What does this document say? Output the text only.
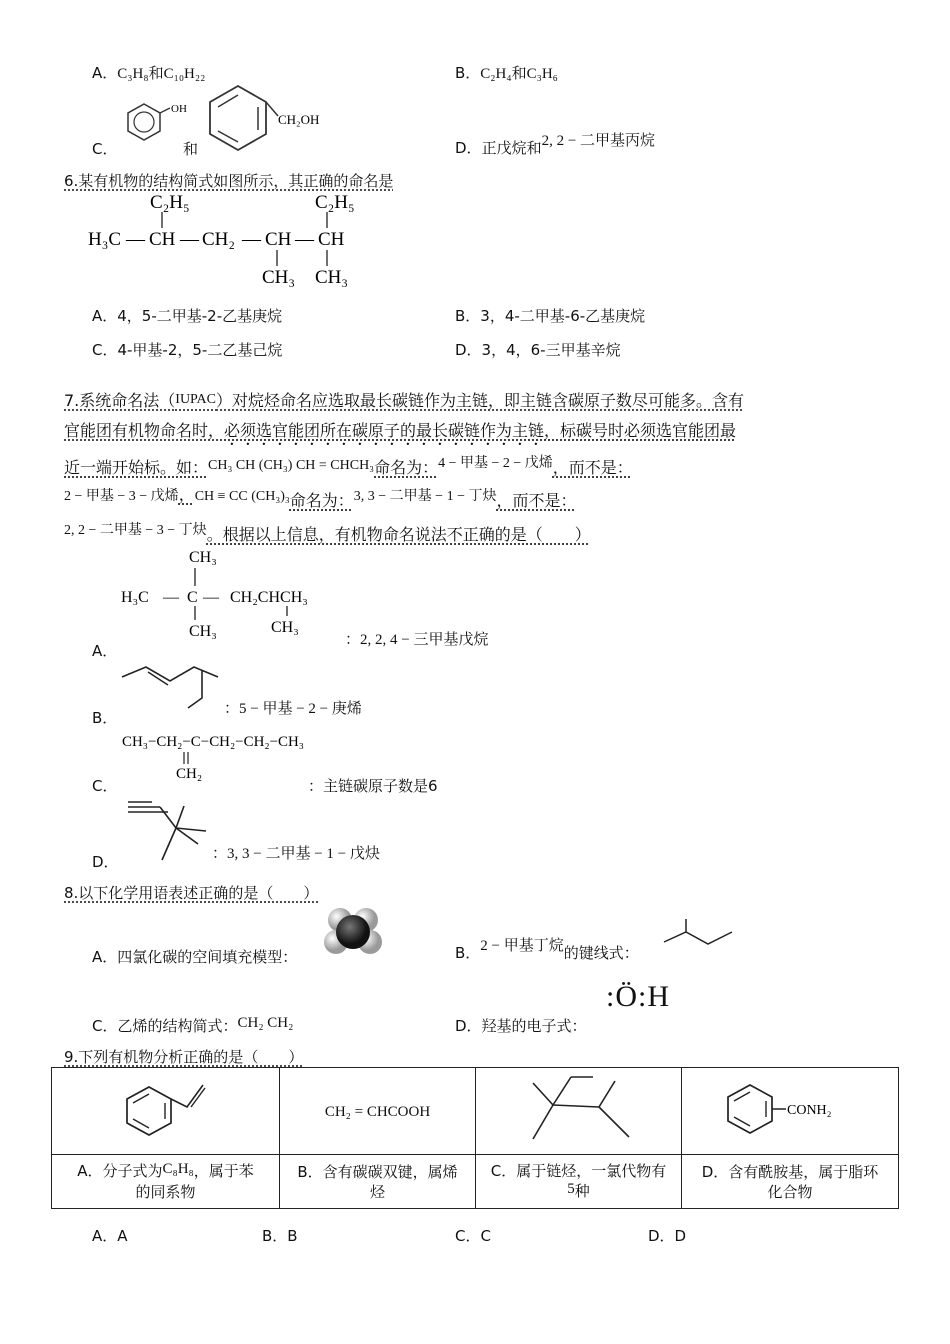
A．C₃H₈和C₁₀H₂₂	B．C₂H₄和C₃H₆
C．
OH
和
CH₂OH
D．正戊烷和2, 2 − 二甲基丙烷
6.某有机物的结构简式如图所示，其正确的命名是
C₂H₅	C₂H₅
H₃C — CH — CH₂ — CH — CH
CH₃ CH₃
A．4，5-二甲基-2-乙基庚烷	B．3，4-二甲基-6-乙基庚烷
C．4-甲基-2，5-二乙基己烷	D．3，4，6-三甲基辛烷
7.系统命名法（IUPAC）对烷烃命名应选取最长碳链作为主链，即主链含碳原子数尽可能多。含有
官能团有机物命名时，必须选官能团所在碳原子的最长碳链作为主链，标碳号时必须选官能团最
近一端开始标。如：CH₃ CH (CH₃) CH = CHCH₃命名为：4 − 甲基 − 2 − 戊烯，而不是：
2 − 甲基 − 3 − 戊烯，CH ≡ CC (CH₃)₃命名为：3, 3 − 二甲基 − 1 − 丁炔，而不是：
2, 2 − 二甲基 − 3 − 丁炔。根据以上信息，有机物命名说法不正确的是（　　）
CH₃
H₃C — C — CH₂CHCH₃
CH₃	CH₃
A．
：2, 2, 4 − 三甲基戊烷
B．	：5 − 甲基 − 2 − 庚烯
CH₃−CH₂−C−CH₂−CH₂−CH₃
CH₂
C．	：主链碳原子数是6
D．	：3, 3 − 二甲基 − 1 − 戊炔
8.以下化学用语表述正确的是（　　）
A．四氯化碳的空间填充模型：	B．2 − 甲基丁烷的键线式：
C．乙烯的结构简式：CH₂ CH₂	D．羟基的电子式：
:Ö:H
9.下列有机物分析正确的是（　　）
	CH₂ = CHCOOH		CONH₂

A．分子式为C₈H₈，属于苯的同系物	B．含有碳碳双键，属烯烃	C．属于链烃，一氯代物有5种	D．含有酰胺基，属于脂环化合物
A．A	B．B	C．C	D．D
